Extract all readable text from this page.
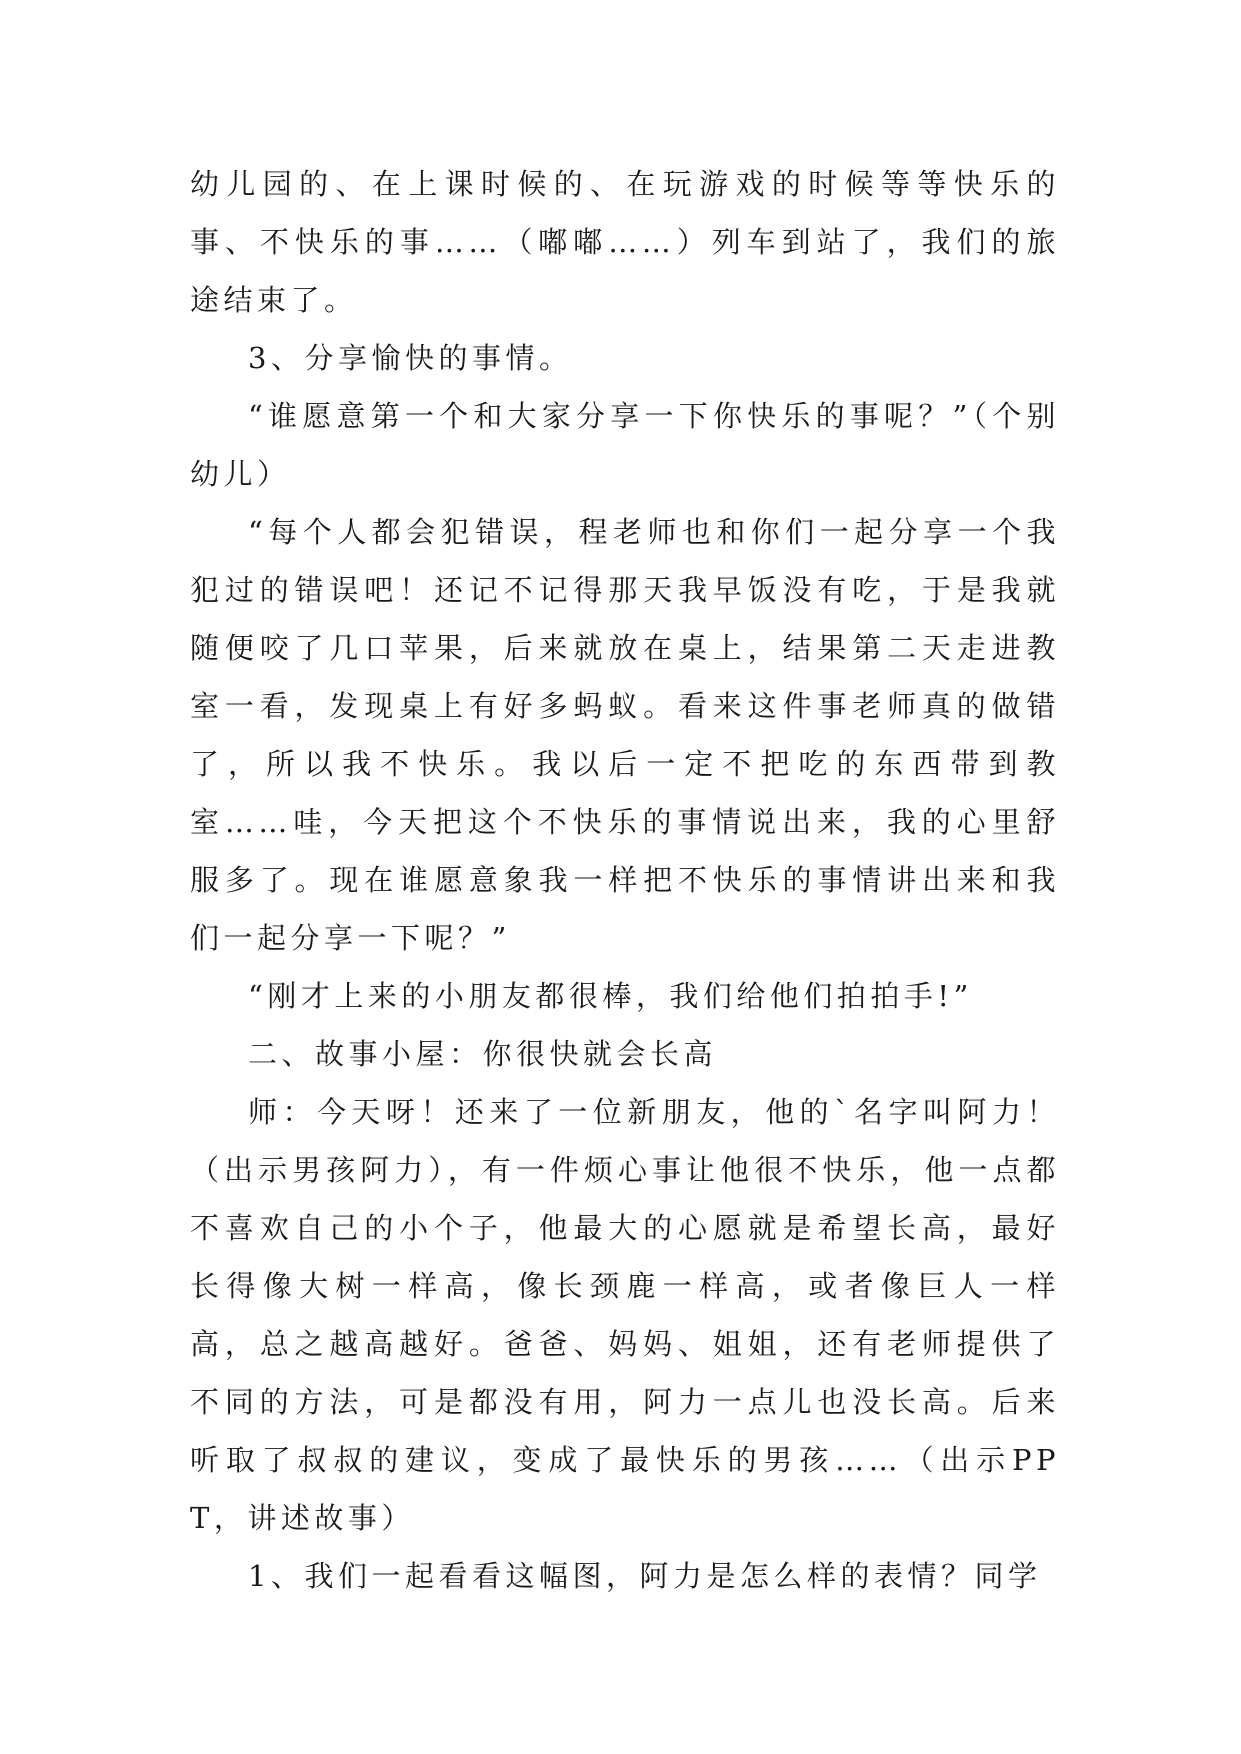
幼儿园的、在上课时候的、在玩游戏的时候等等快乐的事、不快乐的事……（嘟嘟……）列车到站了，我们的旅途结束了。

3、分享愉快的事情。

“谁愿意第一个和大家分享一下你快乐的事呢？”（个别幼儿）

“每个人都会犯错误，程老师也和你们一起分享一个我犯过的错误吧！还记不记得那天我早饭没有吃，于是我就随便咬了几口苹果，后来就放在桌上，结果第二天走进教室一看，发现桌上有好多蚂蚁。看来这件事老师真的做错了，所以我不快乐。我以后一定不把吃的东西带到教室……哇，今天把这个不快乐的事情说出来，我的心里舒服多了。现在谁愿意象我一样把不快乐的事情讲出来和我们一起分享一下呢？”

“刚才上来的小朋友都很棒，我们给他们拍拍手!”

二、故事小屋：你很快就会长高

师：今天呀！还来了一位新朋友，他的`名字叫阿力！（出示男孩阿力），有一件烦心事让他很不快乐，他一点都不喜欢自己的小个子，他最大的心愿就是希望长高，最好长得像大树一样高，像长颈鹿一样高，或者像巨人一样高，总之越高越好。爸爸、妈妈、姐姐，还有老师提供了不同的方法，可是都没有用，阿力一点儿也没长高。后来听取了叔叔的建议，变成了最快乐的男孩……（出示PPT，讲述故事）

1、我们一起看看这幅图，阿力是怎么样的表情？同学
